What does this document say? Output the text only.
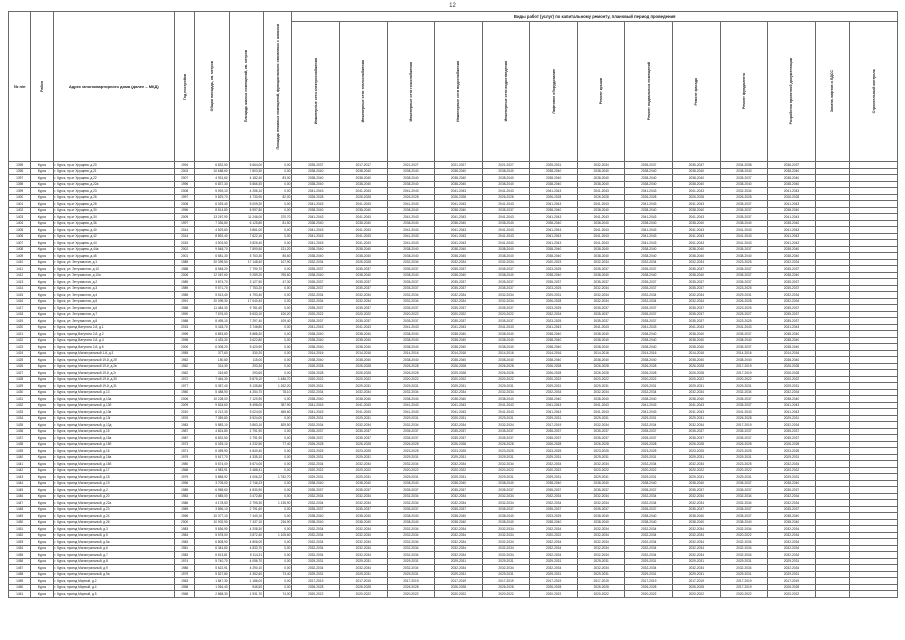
12
№ п/п	Район	Адрес многоквартирного дома (далее – МКД)	Год постройки	Общая площадь, кв. метров	Площадь жилых помещений, кв. метров	Площадь нежилых помещений, функционально связанных с жилыми	Виды работ (услуг) по капитальному ремонту, плановый период проведения												

							Инженерные сети электроснабжения	Инженерные сети теплоснабжения	Инженерные сети газоснабжения	Инженерные сети водоснабжения	Инженерные сети водоотведения	Лифтовое оборудование	Ремонт крыши	Ремонт подвальных помещений	Ремонт фасада	Ремонт фундамента	Разработка проектной документации	Замена лифтов и ЛДСС	Строительный контроль

1395	Курск	г. Курск, пр-кт Хрущева, д.20	1994	6 832,50	5 664,00	0,00	2035-2037	2017-2017	2021-2027	2021-2027	2021-2027	2025-2031	2032-2034	2035-2037	2035-2037	2034-2038	2036-2037		
1396	Курск	г. Курск, пр-кт Хрущева, д.21	2003	10 668,60	7 803,30	0,00	2038-2040	2038-2040	2038-2040	2038-2040	2038-2040	2038-2040	2038-2040	2038-2040	2038-2040	2038-2040	2038-2040		
1397	Курск	г. Курск, пр-кт Хрущева, д.22	2007	4 931,60	4 182,40	83,00	2038-2040	2038-2040	2038-2040	2038-2040	2038-2040	2038-2040	2038-2040	2038-2040	2038-2040	2035-2037	2038-2040		
1398	Курск	г. Курск, пр-кт Хрущева, д.22а	1996	6 837,30	5 866,30	0,00	2038-2040	2038-2040	2038-2040	2038-2040	2038-2040	2038-2040	2038-2040	2038-2040	2038-2040	2038-2040	2038-2040		
1399	Курск	г. Курск, пр-кт Хрущева, д.23	2008	5 093,10	4 256,10	0,00	2041-2043	2041-2043	2041-2043	2041-2043	2041-2043	2041-2043	2041-2043	2041-2043	2041-2043	2032-2034	2041-2043		
1400	Курск	г. Курск, пр-кт Хрущева, д.26	1997	5 829,70	4 730,90	82,00	2026-2028	2026-2028	2026-2028	2026-2028	2026-2028	2026-2028	2026-2028	2026-2028	2026-2028	2026-2028	2026-2028		
1401	Курск	г. Курск, пр-кт Хрущева, д.28	2008	6 025,40	5 009,20	0,00	2041-2043	2041-2043	2041-2043	2041-2043	2041-2043	2041-2043	2041-2043	2041-2043	2041-2043	2035-2037	2041-2043		
1402	Курск	г. Курск, пр-кт Хрущева, д.30	1996	8 514,80	6 957,80	0,00	2038-2040	2038-2040	2038-2040	2038-2040	2035-2037	2038-2040	2038-2040	2038-2040	2038-2040	2035-2037	2038-2040		
1403	Курск	г. Курск, пр-кт Хрущева, д.34	2009	13 267,90	11 246,00	370,70	2041-2043	2041-2043	2041-2043	2041-2043	2041-2043	2041-2043	2041-2043	2041-2043	2041-2043	2035-2037	2041-2043		
1404	Курск	г. Курск, пр-кт Хрущева, д.36	1997	7 336,80	6 125,80	81,50	2038-2040	2038-2040	2038-2040	2038-2040	2038-2040	2038-2040	2038-2040	2038-2040	2038-2040	2038-2040	2038-2040		
1405	Курск	г. Курск, пр-кт Хрущева, д.40	2014	4 529,60	3 861,00	0,00	2041-2043	2041-2043	2041-2043	2041-2043	2041-2043	2041-2043	2041-2043	2041-2043	2041-2043	2041-2043	2041-2043		
1406	Курск	г. Курск, пр-кт Хрущева, д.42	2014	8 892,40	7 622,10	0,00	2041-2043	2041-2043	2041-2043	2041-2043	2041-2043	2041-2043	2041-2043	2041-2043	2041-2043	2041-2043	2041-2043		
1407	Курск	г. Курск, пр-кт Хрущева, д.44	2015	4 503,50	3 826,40	0,00	2041-2043	2041-2043	2041-2043	2041-2043	2041-2043	2041-2043	2041-2043	2041-2043	2041-2043	2041-2043	2041-2043		
1408	Курск	г. Курск, пр-кт Хрущева, д.44а	2002	9 548,70	7 890,50	131,20	2038-2040	2038-2040	2038-2040	2038-2040	2038-2040	2038-2040	2038-2040	2038-2040	2038-2040	2035-2037	2038-2040		
1409	Курск	г. Курск, пр-кт Хрущева, д.46	2001	6 581,30	5 763,30	85,60	2038-2040	2038-2040	2038-2040	2038-2040	2038-2040	2038-2040	2038-2040	2038-2040	2038-2040	2038-2040	2038-2040		
1410	Курск	г. Курск, ул. Энтузиастов, д.1	1985	20 399,50	17 148,40	107,90	2032-2034	2026-2028	2032-2034	2032-2034	2032-2034	2020-2023	2032-2034	2032-2034	2032-2034	2023-2025	2032-2034		
1411	Курск	г. Курск, ул. Энтузиастов, д.10	1988	8 948,20	7 790,70	0,00	2035-2037	2035-2037	2035-2037	2035-2037	2035-2037	2023-2025	2035-2037	2035-2037	2035-2037	2035-2037	2035-2037		
1412	Курск	г. Курск, ул. Энтузиастов, д.10а	2006	12 067,60	9 289,20	765,60	2038-2040	2038-2040	2038-2040	2038-2040	2038-2040	2038-2040	2038-2040	2038-2040	2038-2040	2035-2037	2038-2040		
1413	Курск	г. Курск, ул. Энтузиастов, д.2	1989	3 874,70	3 127,90	47,30	2035-2037	2035-2037	2035-2037	2035-2037	2035-2037	2035-2037	2035-2037	2035-2037	2035-2037	2035-2037	2035-2037		
1414	Курск	г. Курск, ул. Энтузиастов, д.3	1989	9 571,70	7 753,20	0,00	2035-2037	2035-2037	2035-2037	2035-2037	2035-2037	2023-2025	2032-2034	2035-2037	2035-2037	2023-2025	2035-2037		
1415	Курск	г. Курск, ул. Энтузиастов, д.4	1985	5 513,40	4 793,40	0,00	2032-2034	2032-2034	2032-2034	2032-2034	2032-2034	2029-2031	2032-2034	2032-2034	2032-2034	2029-2031	2032-2034		
1416	Курск	г. Курск, ул. Энтузиастов, д.5	1991	20 099,30	17 040,40	0,00	2032-2034	2032-2034	2032-2034	2032-2034	2032-2034	2026-2028	2032-2034	2032-2034	2032-2034	2026-2028	2032-2034		
1417	Курск	г. Курск, ул. Энтузиастов, д.6	1988	11 484,30	9 781,60	0,00	2035-2037	2035-2037	2035-2037	2035-2037	2035-2037	2023-2025	2035-2037	2035-2037	2035-2037	2023-2025	2035-2037		
1418	Курск	г. Курск, ул. Энтузиастов, д.7	1990	7 576,00	5 633,10	100,20	2020-2022	2020-2022	2020-2022	2020-2022	2020-2022	2032-2034	2035-2037	2035-2037	2035-2037	2025-2027	2035-2037		
1419	Курск	г. Курск, ул. Энтузиастов, д.8	1988	8 495,10	7 297,40	109,40	2035-2037	2035-2037	2035-2037	2035-2037	2035-2037	2023-2025	2035-2037	2035-2037	2035-2037	2023-2025	2035-2037		
1420	Курск	г. Курск, проезд Ватутина 2-й, д.1	2015	5 418,70	3 748,80	0,00	2041-2043	2041-2043	2041-2043	2041-2043	2041-2043	2041-2043	2041-2043	2041-2043	2041-2043	2041-2043	2041-2043		
1421	Курск	г. Курск, проезд Ватутина 2-й, д.2	1996	6 853,80	5 888,30	0,00	2038-2040	2038-2040	2038-2040	2038-2040	2038-2040	2038-2040	2038-2040	2038-2040	2038-2040	2035-2037	2038-2040		
1422	Курск	г. Курск, проезд Ватутина 2-й, д.4	1998	4 433,30	3 622,80	0,00	2038-2040	2038-2040	2038-2040	2038-2040	2038-2040	2038-2040	2038-2040	2038-2040	2038-2040	2038-2040	2038-2040		
1423	Курск	г. Курск, проезд Ватутина 2-й, д.6	2000	6 308,20	5 420,90	0,00	2038-2040	2038-2040	2038-2040	2038-2040	2038-2040	2038-2040	2038-2040	2038-2040	2038-2040	2035-2037	2038-2040		
1424	Курск	г. Курск, проезд Магистральный 1-й, д.3	1955	377,60	330,20	0,00	2014-2016	2014-2016	2014-2016	2014-2016	2014-2016	2014-2016	2014-2016	2014-2016	2014-2016	2014-2016	2014-2016		
1425	Курск	г. Курск, проезд Магистральный 19-й, д.2б	1952	150,80	115,00	0,00	2038-2040	2038-2040	2038-2040	2038-2040	2038-2040	2038-2040	2038-2040	2038-2040	2038-2040	2038-2040	2038-2040		
1426	Курск	г. Курск, проезд Магистральный 19-й, д.2в	1962	314,30	293,30	0,00	2026-2028	2026-2028	2026-2028	2026-2028	2026-2028	2026-2028	2026-2028	2026-2028	2026-2028	2017-2019	2026-2028		
1427	Курск	г. Курск, проезд Магистральный 19-й, д.2г	1962	315,80	293,60	0,00	2026-2028	2026-2028	2026-2028	2029-2028	2026-2028	2026-2028	2026-2028	2026-2028	2026-2028	2017-2019	2026-2028		
1428	Курск	г. Курск, проезд Магистральный 19-й, д.30	1972	7 464,30	5 875,10	1 486,70	2020-2022	2020-2022	2020-2022	2020-2022	2020-2022	2020-2022	2020-2022	2020-2022	2020-2022	2020-2022	2020-2022		
1429	Курск	г. Курск, проезд Магистральный 19-й, д.31	1977	5 357,40	5 135,80	1 262,20	2029-2031	2029-2031	2029-2031	2029-2031	2029-2031	2029-2031	2029-2031	2029-2031	2029-2031	2029-2031	2029-2031		
1430	Курск	г. Курск, проезд Магистральный, д.13	1980	5 488,90	4 254,70	78,10	2032-2034	2032-2034	2032-2034	2032-2034	2032-2034	2032-2034	2032-2034	2032-2034	2032-2034	2032-2034	2032-2034		
1431	Курск	г. Курск, проезд Магистральный, д.13а	2006	10 228,00	7 120,90	0,00	2038-2040	2038-2040	2038-2040	2038-2040	2038-2040	2038-2040	2038-2040	2038-2040	2038-2040	2035-2037	2038-2040		
1432	Курск	г. Курск, проезд Магистральный, д.13б	2009	9 818,60	8 498,00	357,90	2041-2043	2041-2043	2041-2043	2041-2043	2041-2043	2041-2043	2041-2043	2041-2043	2041-2043	2035-2037	2041-2043		
1433	Курск	г. Курск, проезд Магистральный, д.13в	2010	6 212,30	5 024,00	465,60	2041-2043	2041-2043	2041-2043	2041-2043	2041-2043	2041-2043	2041-2043	2041-2043	2041-2043	2041-2043	2041-2043		
1434	Курск	г. Курск, проезд Магистральный, д.13г	1976	7 359,80	5 924,00	0,00	2029-2031	2029-2031	2029-2031	2029-2031	2029-2031	2029-2031	2029-2031	2029-2031	2029-2031	2026-2028	2029-2031		
1435	Курск	г. Курск, проезд Магистральный, д.13д	1983	5 883,10	3 863,10	829,50	2032-2034	2032-2034	2032-2034	2032-2034	2032-2034	2017-2019	2032-2034	2032-2034	2032-2034	2017-2019	2032-2034		
1436	Курск	г. Курск, проезд Магистральный, д.15	1987	4 824,80	2 791,90	0,00	2035-2037	2035-2037	2035-2037	2035-2037	2035-2037	2035-2037	2035-2037	2035-2037	2035-2037	2035-2037	2035-2037		
1437	Курск	г. Курск, проезд Магистральный, д.15а	1987	6 832,50	2 791,90	0,00	2035-2037	2035-2037	2035-2037	2035-2037	2035-2037	2035-2037	2035-2037	2035-2037	2035-2037	2035-2037	2035-2037		
1438	Курск	г. Курск, проезд Магистральный, д.15б	1973	6 025,10	4 232,50	77,40	2026-2028	2026-2028	2026-2028	2026-2028	2026-2028	2026-2028	2026-2028	2026-2028	2026-2028	2026-2028	2026-2028		
1439	Курск	г. Курск, проезд Магистральный, д.16	1971	6 495,90	4 840,40	0,00	2023-2025	2023-2025	2023-2025	2023-2025	2023-2025	2023-2025	2023-2025	2023-2025	2023-2025	2023-2025	2023-2025		
1440	Курск	г. Курск, проезд Магистральный, д.16а	1979	5 617,70	4 335,10	0,00	2029-2031	2029-2031	2029-2031	2029-2031	2029-2031	2029-2031	2029-2031	2029-2031	2029-2031	2029-2031	2029-2031		
1441	Курск	г. Курск, проезд Магистральный, д.16б	1980	5 674,00	5 674,00	0,00	2032-2034	2032-2034	2032-2034	2032-2034	2032-2034	2032-2034	2032-2034	2032-2034	2032-2034	2023-2025	2032-2034		
1442	Курск	г. Курск, проезд Магистральный, д.17	1968	4 983,91	3 488,41	0,00	2020-2022	2020-2022	2020-2022	2020-2022	2020-2022	2020-2022	2020-2022	2020-2022	2020-2022	2020-2022	2020-2022		
1443	Курск	г. Курск, проезд Магистральный, д.18	1979	5 858,92	4 006,22	1 762,70	2029-2031	2029-2031	2029-2031	2029-2031	2029-2031	2029-2031	2029-2031	2029-2031	2029-2031	2029-2031	2029-2031		
1444	Курск	г. Курск, проезд Магистральный, д.19	1996	3 705,00	2 746,23	0,00	2038-2040	2038-2040	2038-2040	2038-2040	2038-2040	2038-2040	2038-2040	2038-2040	2038-2040	2035-2037	2038-2040		
1445	Курск	г. Курск, проезд Магистральный, д.2	1989	6 958,60	4 830,90	0,00	2035-2037	2035-2037	2035-2037	2035-2037	2035-2037	2035-2037	2035-2037	2035-2037	2035-2037	2035-2037	2035-2037		
1446	Курск	г. Курск, проезд Магистральный, д.20	1983	4 585,00	3 472,80	0,00	2032-2034	2032-2034	2032-2034	2032-2034	2032-2034	2032-2034	2032-2034	2032-2034	2032-2034	2032-2034	2032-2034		
1447	Курск	г. Курск, проезд Магистральный, д.22а	1986	4 178,50	2 795,30	1 135,90	2032-2034	2032-2034	2032-2034	2032-2034	2032-2034	2032-2034	2032-2034	2032-2034	2032-2034	2032-2034	2032-2034		
1448	Курск	г. Курск, проезд Магистральный, д.23	1989	3 896,10	2 791,60	0,00	2035-2037	2035-2037	2035-2037	2035-2037	2035-2037	2035-2037	2035-2037	2035-2037	2035-2037	2035-2037	2035-2037		
1449	Курск	г. Курск, проезд Магистральный, д.24	1996	10 377,10	7 440,10	0,00	2038-2040	2038-2040	2038-2040	2038-2040	2038-2040	2023-2025	2038-2040	2038-2040	2038-2040	2035-2037	2038-2040		
1450	Курск	г. Курск, проезд Магистральный, д.26	2000	10 902,90	7 437,10	216,90	2038-2040	2038-2040	2038-2040	2038-2040	2038-2040	2038-2040	2038-2040	2038-2040	2038-2040	2038-2040	2038-2040		
1451	Курск	г. Курск, проезд Магистральный, д.3	1983	5 836,90	4 208,30	0,00	2032-2034	2032-2034	2032-2034	2032-2034	2032-2034	2032-2034	2032-2034	2032-2034	2032-2034	2032-2034	2032-2034		
1452	Курск	г. Курск, проезд Магистральный, д.5	1984	5 578,00	3 872,40	1 105,60	2032-2034	2032-2034	2032-2034	2032-2034	2032-2034	2020-2022	2032-2034	2032-2034	2032-2034	2020-2022	2032-2034		
1453	Курск	г. Курск, проезд Магистральный, д.5а	1983	6 808,90	4 806,00	0,00	2032-2034	2032-2034	2032-2034	2032-2034	2032-2034	2032-2034	2032-2034	2032-2034	2032-2034	2032-2034	2032-2034		
1454	Курск	г. Курск, проезд Магистральный, д.6	1981	6 344,80	4 833,70	0,00	2032-2034	2032-2034	2032-2034	2032-2034	2032-2034	2032-2034	2032-2034	2032-2034	2032-2034	2032-2034	2032-2034		
1455	Курск	г. Курск, проезд Магистральный, д.7	1983	6 613,81	5 114,31	0,00	2032-2034	2032-2034	2032-2034	2032-2034	2032-2034	2032-2034	2032-2034	2032-2034	2032-2034	2032-2034	2032-2034		
1456	Курск	г. Курск, проезд Магистральный, д.8	1974	5 740,70	4 056,70	0,00	2029-2031	2029-2031	2029-2031	2029-2031	2029-2031	2029-2031	2029-2031	2029-2031	2029-2031	2029-2031	2029-2031		
1457	Курск	г. Курск, проезд Магистральный, д.9	1986	5 622,91	4 290,10	0,00	2032-2034	2032-2034	2032-2034	2032-2034	2032-2034	2032-2034	2032-2034	2032-2034	2032-2034	2032-2034	2032-2034		
1458	Курск	г. Курск, проезд Магистральный, д.9а	1979	5 527,80	4 352,60	73,40	2029-2031	2029-2031	2029-2031	2029-2031	2029-2031	2029-2031	2029-2031	2029-2031	2029-2031	2029-2031	2029-2031		
1459	Курск	г. Курск, проезд Мирный, д.2	1963	1 847,30	1 186,00	0,00	2017-2019	2017-2019	2017-2019	2017-2019	2017-2019	2017-2019	2017-2019	2017-2019	2017-2019	2017-2019	2017-2019		
1460	Курск	г. Курск, проезд Мирный, д.4	1958	1 064,40	946,50	0,00	2026-2028	2026-2028	2026-2028	2026-2028	2026-2028	2026-2028	2026-2028	2026-2028	2026-2028	2017-2019	2026-2028		
1461	Курск	г. Курск, проезд Мирный, д.5	1968	2 868,30	1 931,70	74,00	2020-2022	2020-2022	2020-2022	2020-2022	2020-2022	2020-2022	2020-2022	2020-2022	2020-2022	2020-2022	2020-2022		
